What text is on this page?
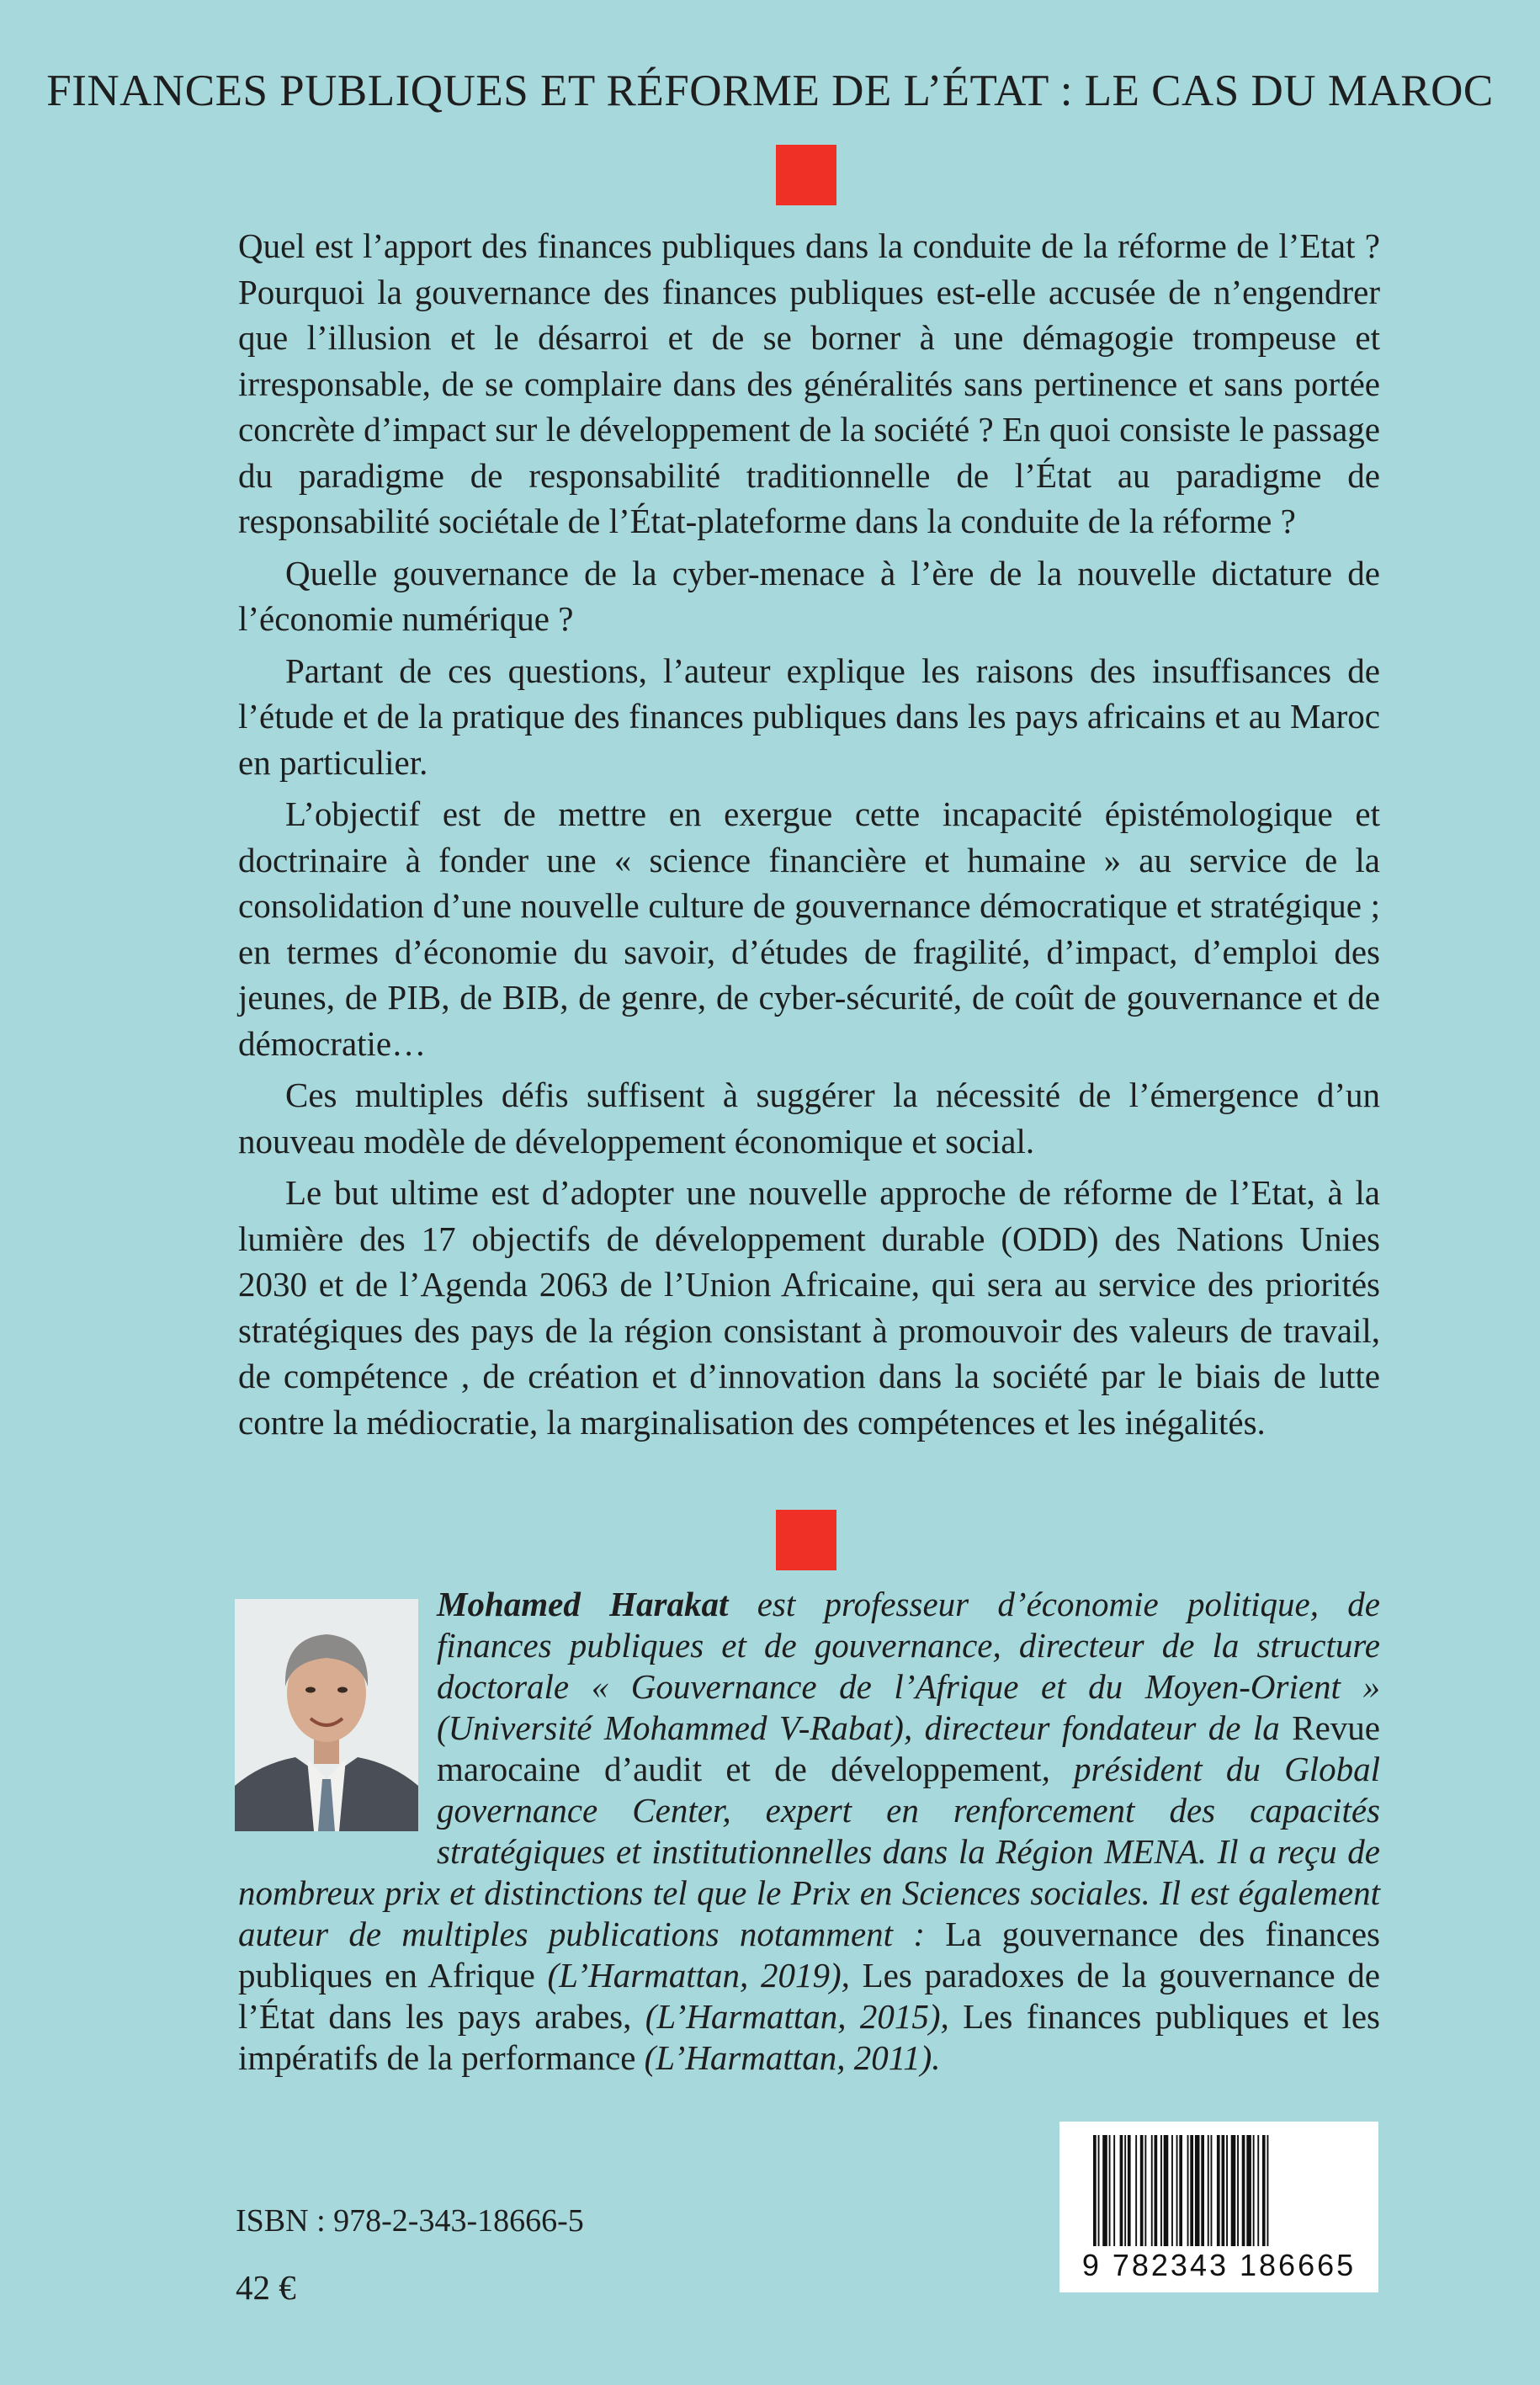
FINANCES PUBLIQUES ET RÉFORME DE L’ÉTAT : LE CAS DU MAROC

Quel est l’apport des finances publiques dans la conduite de la réforme de l’Etat ? Pourquoi la gouvernance des finances publiques est-elle accusée de n’engendrer que l’illusion et le désarroi et de se borner à une démagogie trompeuse et irresponsable, de se complaire dans des généralités sans pertinence et sans portée concrète d’impact sur le développement de la société ? En quoi consiste le passage du paradigme de responsabilité traditionnelle de l’État au paradigme de responsabilité sociétale de l’État-plateforme dans la conduite de la réforme ?

Quelle gouvernance de la cyber-menace à l’ère de la nouvelle dictature de l’économie numérique ?

Partant de ces questions, l’auteur explique les raisons des insuffisances de l’étude et de la pratique des finances publiques dans les pays africains et au Maroc en particulier.

L’objectif est de mettre en exergue cette incapacité épistémologique et doctrinaire à fonder une « science financière et humaine » au service de la consolidation d’une nouvelle culture de gouvernance démocratique et stratégique ; en termes d’économie du savoir, d’études de fragilité, d’impact, d’emploi des jeunes, de PIB, de BIB, de genre, de cyber-sécurité, de coût de gouvernance et de démocratie…

Ces multiples défis suffisent à suggérer la nécessité de l’émergence d’un nouveau modèle de développement économique et social.

Le but ultime est d’adopter une nouvelle approche de réforme de l’Etat, à la lumière des 17 objectifs de développement durable (ODD) des Nations Unies 2030 et de l’Agenda 2063 de l’Union Africaine, qui sera au service des priorités stratégiques des pays de la région consistant à promouvoir des valeurs de travail, de compétence , de création et d’innovation dans la société par le biais de lutte contre la médiocratie, la marginalisation des compétences et les inégalités.

Mohamed Harakat est professeur d’économie politique, de finances publiques et de gouvernance, directeur de la structure doctorale « Gouvernance de l’Afrique et du Moyen-Orient » (Université Mohammed V-Rabat), directeur fondateur de la Revue marocaine d’audit et de développement, président du Global governance Center, expert en renforcement des capacités stratégiques et institutionnelles dans la Région MENA. Il a reçu de nombreux prix et distinctions tel que le Prix en Sciences sociales. Il est également auteur de multiples publications notamment : La gouvernance des finances publiques en Afrique (L’Harmattan, 2019), Les paradoxes de la gouvernance de l’État dans les pays arabes, (L’Harmattan, 2015), Les finances publiques et les impératifs de la performance (L’Harmattan, 2011).

9 782343 186665
ISBN : 978-2-343-18666-5
42 €
